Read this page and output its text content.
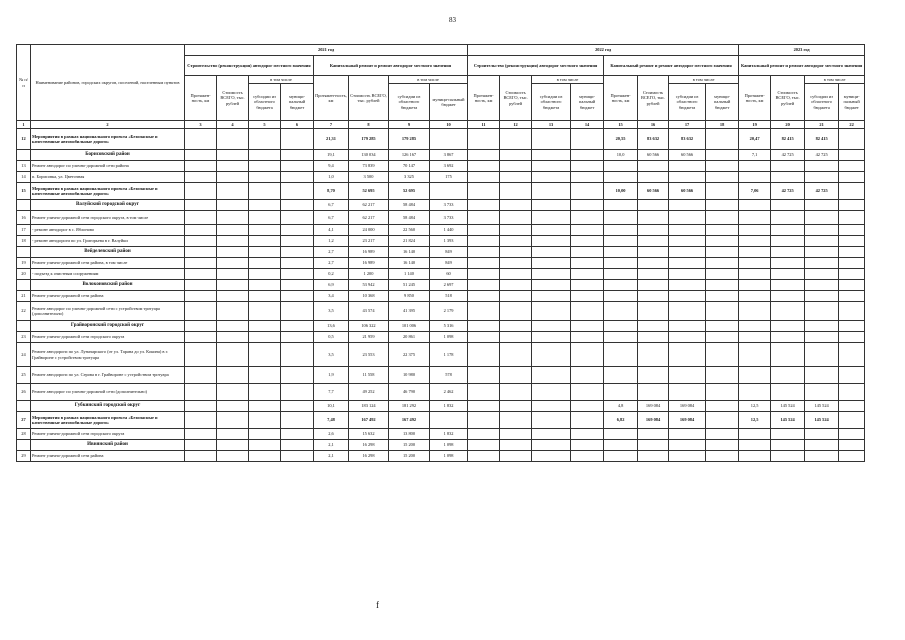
83
№ п/п	Наименование районов, городских округов, поселений, населенным пунктов	2021 год								2022 год								2023 год			
		Строительство (реконструкция) автодорог местного значения				Капитальный ремонт и ремонт автодорог местного значения				Строительство (реконструкция) автодорог местного значения				Капитальный ремонт и ремонт автодорог местного значения				Капитальный ремонт и ремонт автодорог местного значения			
		Протяжен-ность, км	Стоимость ВСЕГО, тыс. рублей	в том числе		Протяжен-ность, км	Стоимость ВСЕГО, тыс. рублей	в том числе		Протяжен-ность, км	Стоимость ВСЕГО, тыс. рублей	в том числе		Протяжен-ность, км	Стоимость ВСЕГО, тыс. рублей	в том числе		Протяжен-ность, км	Стоимость ВСЕГО, тыс. рублей	в том числе	
				субсидии из областного бюджета	муници-пальный бюджет			субсидии из областного бюджета	муници-пальный бюджет			субсидии из областного бюджета	муници-пальный бюджет			субсидии из областного бюджета	муници-пальный бюджет			субсидии из областного бюджета	муници-пальный бюджет
1	2	3	4	5	6	7	8	9	10	11	12	13	14	15	16	17	18	19	20	21	22
12	Мероприятия в рамках национального проекта «Безопасные и качественные автомобильные дороги»					21,31	179 285	179 285						20,55	83 632	83 632		20,47	82 415	82 415	
	Борисовский район					19,1	130 034	126 167	3 867					10,0	60 566	60 566		7,1	42 725	42 725	
13	Ремонт автодорог по улично-дорожной сети района					9,4	73 839	70 147	3 692												
14	п. Борисовка, ул. Цветочная					1,0	3 500	3 325	175												
15	Мероприятия в рамках национального проекта «Безопасные и качественные автомобильные дороги»					8,70	52 695	52 695						10,00	60 566	60 566		7,06	42 725	42 725	
	Валуйский городской округ					6,7	62 217	58 484	3 733												
16	Ремонт улично-дорожной сети городского округа, в том числе					6,7	62 217	58 484	3 733												
17	- ремонт автодорог в с. Яблоново					4,1	24 000	22 560	1 440												
18	- ремонт автодороги по ул. Григорьева в г. Валуйки					1,2	23 217	21 824	1 393												
	Вейделевский район					2,7	16 989	16 140	849												
19	Ремонт улично-дорожной сети района, в том числе					2,7	16 989	16 140	849												
20	- подъезд к очистным сооружениям					0,2	1 200	1 140	60												
	Волоконовский район					6,9	53 942	51 245	2 697												
21	Ремонт улично-дорожной сети района					3,4	10 368	9 850	518												
22	Ремонт автодорог по улично-дорожной сети с устройством тротуара (дополнительно)					3,5	43 574	41 395	2 179												
	Грайворонский городской округ					13,6	106 322	101 006	5 316												
23	Ремонт улично-дорожной сети городского округа					0,5	21 959	20 861	1 098												
24	Ремонт автодороги по ул. Луначарского (от ул. Тарана до ул. Кокина) в г. Грайвороне с устройством тротуара					3,5	23 553	22 375	1 178												
25	Ремонт автодороги по ул. Серова в г. Грайвороне с устройством тротуара					1,9	11 558	10 980	578												
26	Ремонт автодорог по улично-дорожной сети (дополнительно)					7,7	49 252	46 790	2 462												
	Губкинский городской округ					10,1	183 124	181 292	1 832					4,8	169 084	169 084		12,5	145 524	145 524	
27	Мероприятия в рамках национального проекта «Безопасные и качественные автомобильные дороги»					7,48	167 492	167 492						6,82	169 084	169 084		12,5	145 524	145 524	
28	Ремонт улично-дорожной сети городского округа					2,6	15 632	13 800	1 832												
	Ивнянский район					2,1	16 298	15 200	1 098												
29	Ремонт улично-дорожной сети района					2,1	16 298	15 200	1 098												
f
